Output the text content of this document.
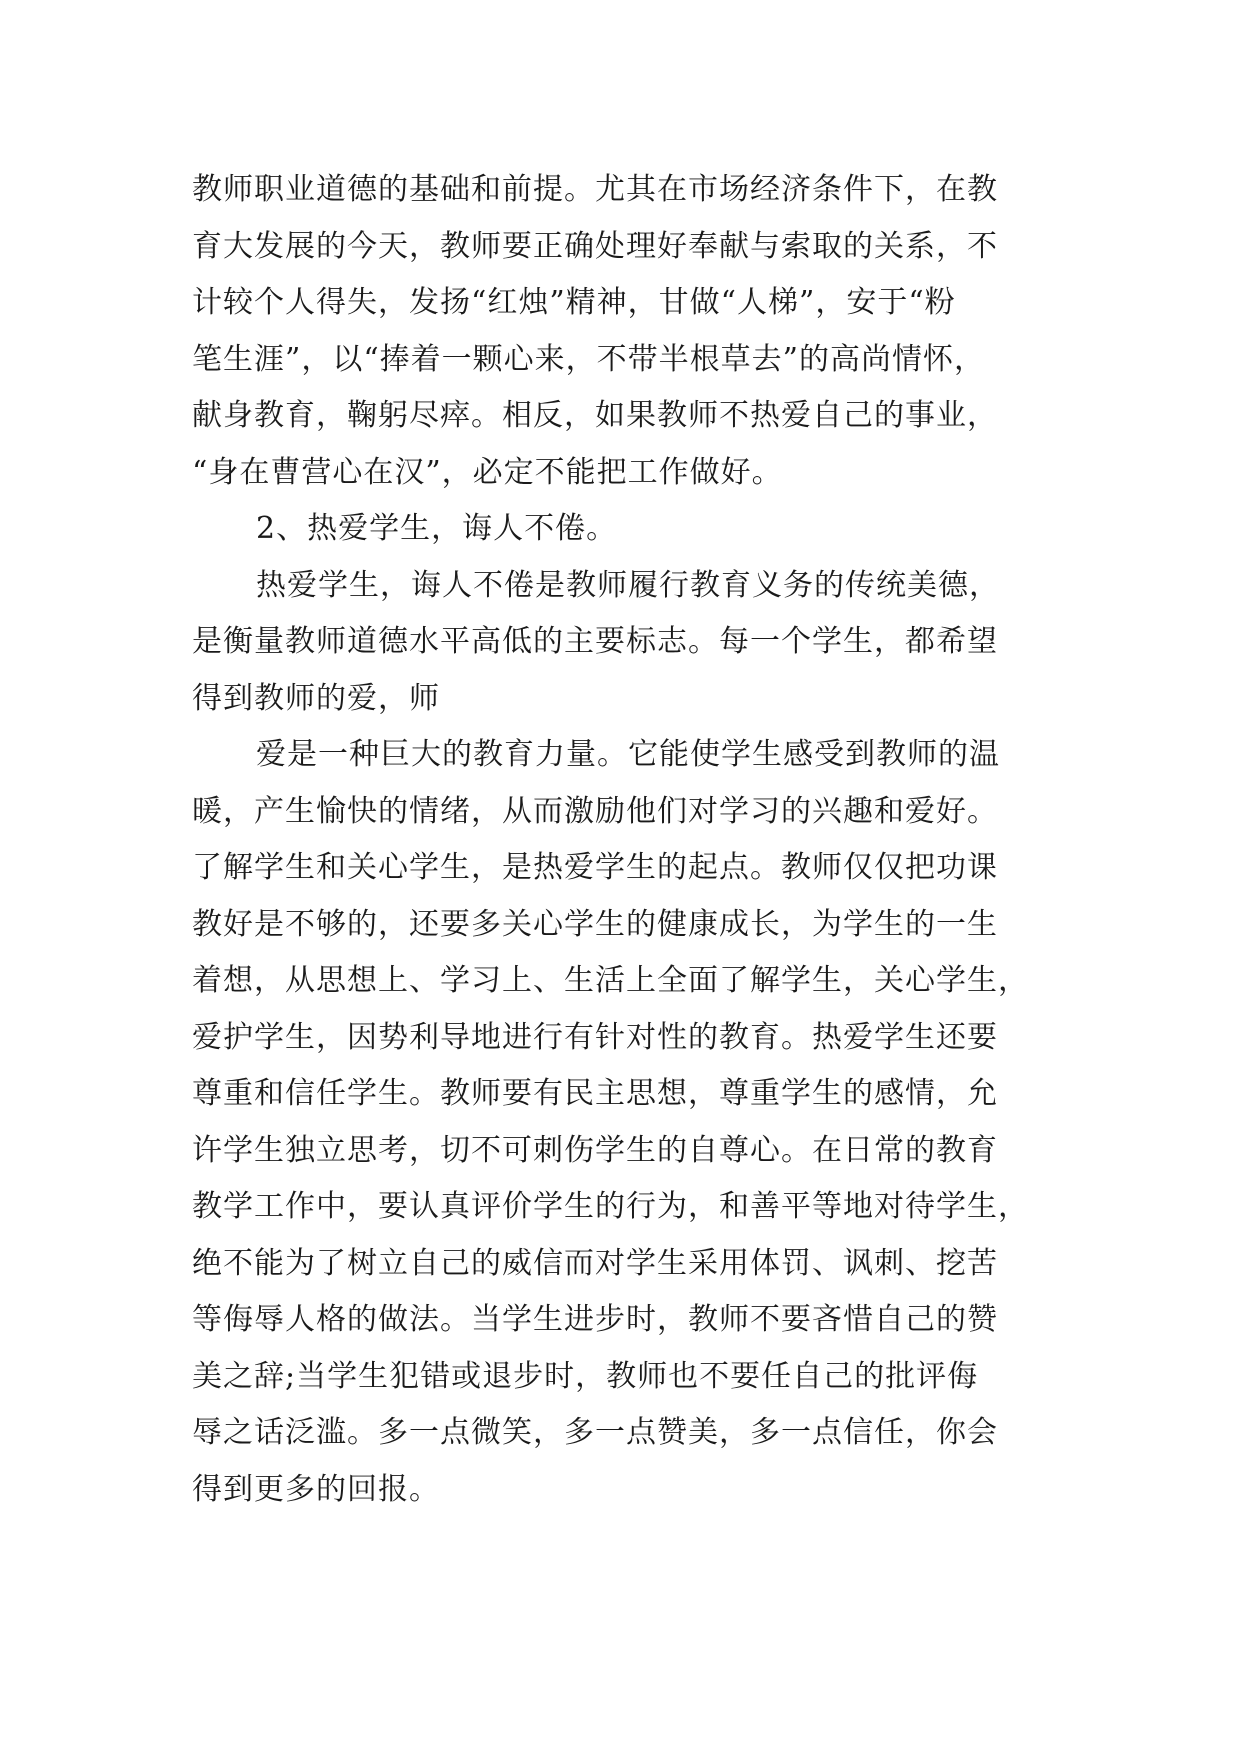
教师职业道德的基础和前提。尤其在市场经济条件下，在教
育大发展的今天，教师要正确处理好奉献与索取的关系，不
计较个人得失，发扬“红烛”精神，甘做“人梯”，安于“粉
笔生涯”，以“捧着一颗心来，不带半根草去”的高尚情怀，
献身教育，鞠躬尽瘁。相反，如果教师不热爱自己的事业，
“身在曹营心在汉”，必定不能把工作做好。
2、热爱学生，诲人不倦。
热爱学生，诲人不倦是教师履行教育义务的传统美德，
是衡量教师道德水平高低的主要标志。每一个学生，都希望
得到教师的爱，师
爱是一种巨大的教育力量。它能使学生感受到教师的温
暖，产生愉快的情绪，从而激励他们对学习的兴趣和爱好。
了解学生和关心学生，是热爱学生的起点。教师仅仅把功课
教好是不够的，还要多关心学生的健康成长，为学生的一生
着想，从思想上、学习上、生活上全面了解学生，关心学生，
爱护学生，因势利导地进行有针对性的教育。热爱学生还要
尊重和信任学生。教师要有民主思想，尊重学生的感情，允
许学生独立思考，切不可刺伤学生的自尊心。在日常的教育
教学工作中，要认真评价学生的行为，和善平等地对待学生，
绝不能为了树立自己的威信而对学生采用体罚、讽刺、挖苦
等侮辱人格的做法。当学生进步时，教师不要吝惜自己的赞
美之辞;当学生犯错或退步时，教师也不要任自己的批评侮
辱之话泛滥。多一点微笑，多一点赞美，多一点信任，你会
得到更多的回报。
